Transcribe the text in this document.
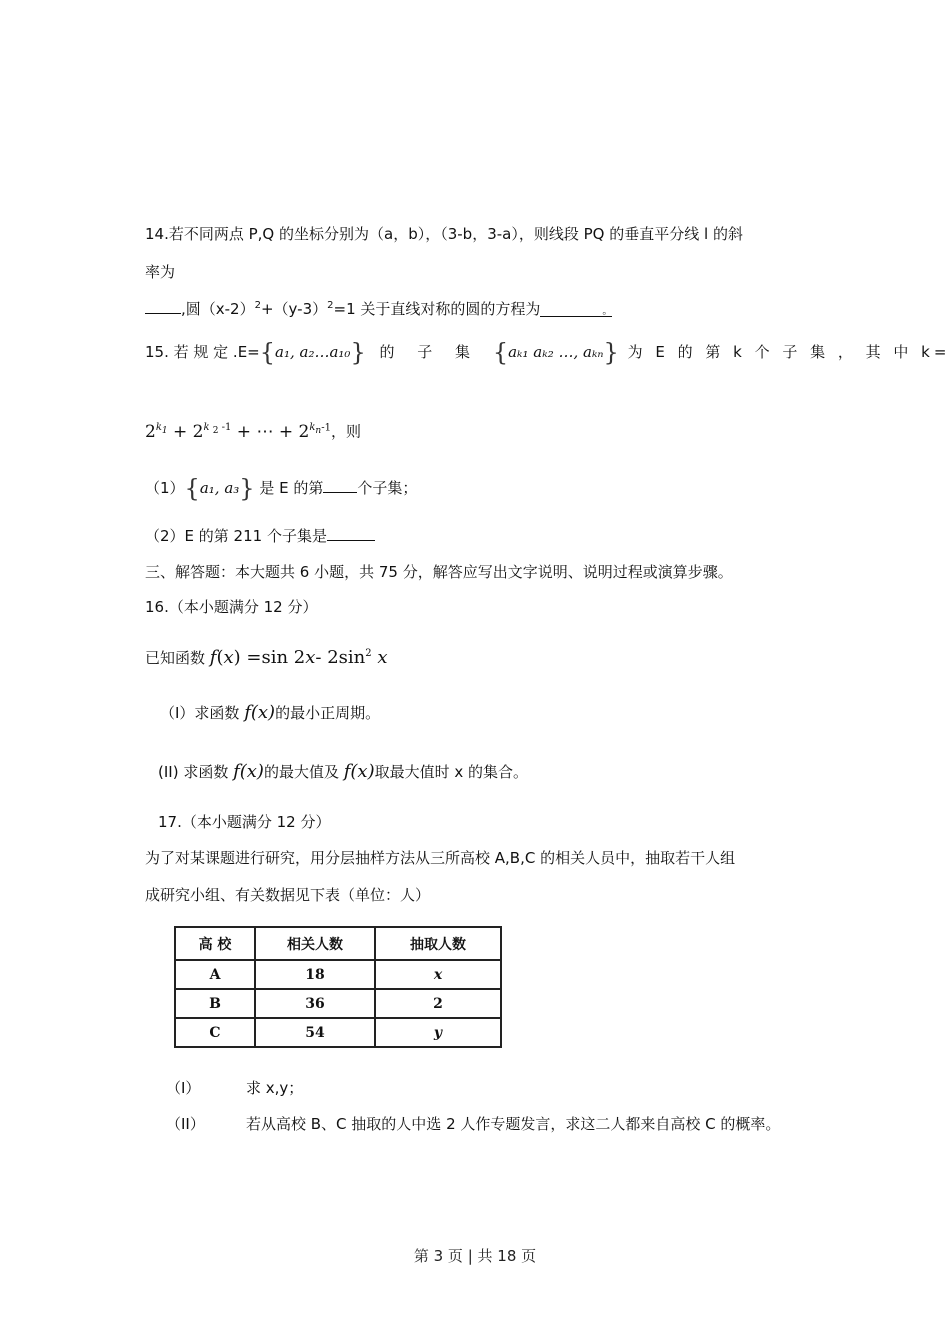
14.若不同两点 P,Q 的坐标分别为（a，b），（3-b，3-a），则线段 PQ 的垂直平分线 l 的斜
率为
,圆$(x-2)^2+(y-3)^2=1$ 关于直线对称的圆的方程为	。
15. 若 规 定 .E={a₁, a₂…a₁₀} 的 子 集 {aₖ₁ aₖ₂ …, aₖₙ} 为 E 的 第 k 个 子 集 ， 其 中 k=
$2^{k_1} + 2^{k _2 -1}$ + ⋯ + $2^{k_n-1}$，则
（1）{a₁, a₃} 是 E 的第 个子集；
（2）E 的第 211 个子集是
三、解答题：本大题共 6 小题，共 75 分，解答应写出文字说明、说明过程或演算步骤。
16.（本小题满分 12 分）
已知函数 f(x) =sin 2x- $2\sin^2$ x
（I）求函数 f(x)的最小正周期。
(II) 求函数 f(x)的最大值及 f(x)取最大值时 x 的集合。
17.（本小题满分 12 分）
为了对某课题进行研究，用分层抽样方法从三所高校 A,B,C 的相关人员中，抽取若干人组
成研究小组、有关数据见下表（单位：人）
高 校	相关人数	抽取人数
A	18	x
B	36	2
C	54	y
（I）	求 x,y；
（II）	若从高校 B、C 抽取的人中选 2 人作专题发言，求这二人都来自高校 C 的概率。
第 3 页 | 共 18 页
